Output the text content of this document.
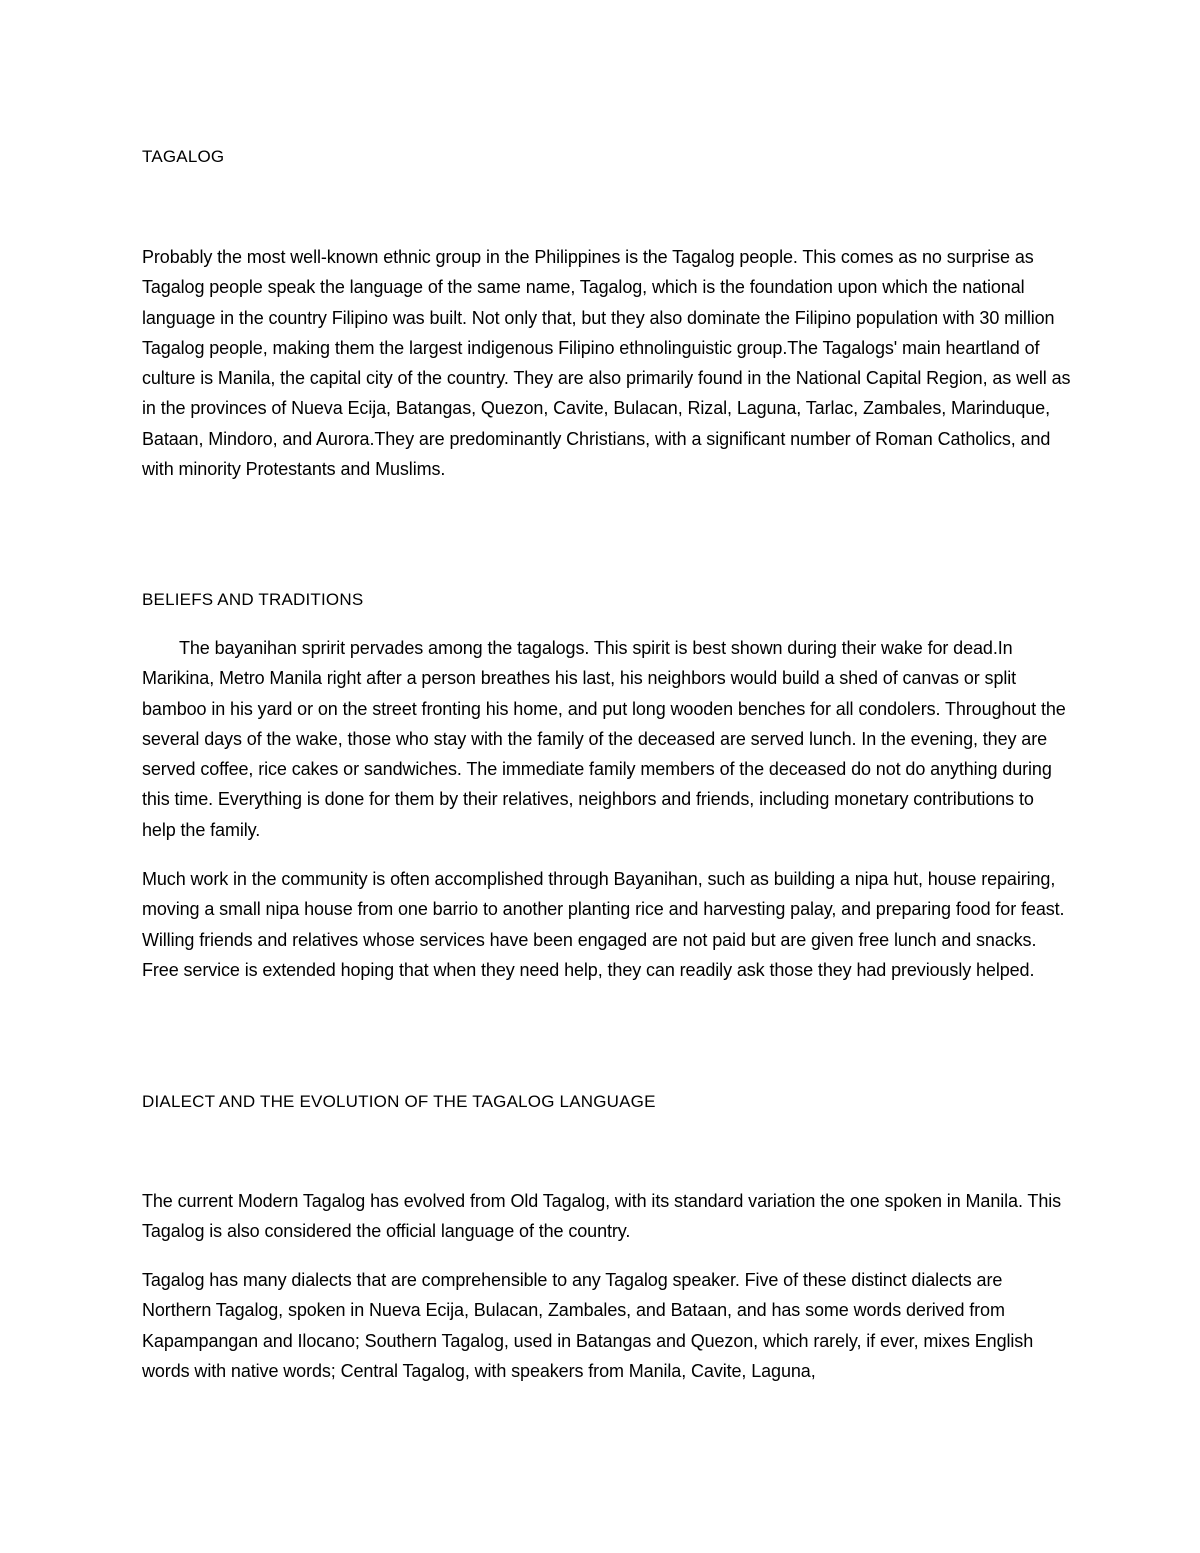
TAGALOG

Probably the most well-known ethnic group in the Philippines is the Tagalog people. This comes as no surprise as Tagalog people speak the language of the same name, Tagalog, which is the foundation upon which the national language in the country Filipino was built. Not only that, but they also dominate the Filipino population with 30 million Tagalog people, making them the largest indigenous Filipino ethnolinguistic group.The Tagalogs' main heartland of culture is Manila, the capital city of the country. They are also primarily found in the National Capital Region, as well as in the provinces of Nueva Ecija, Batangas, Quezon, Cavite, Bulacan, Rizal, Laguna, Tarlac, Zambales, Marinduque, Bataan, Mindoro, and Aurora.They are predominantly Christians, with a significant number of Roman Catholics, and with minority Protestants and Muslims.

BELIEFS AND TRADITIONS

The bayanihan spririt pervades among the tagalogs. This spirit is best shown during their wake for dead.In Marikina, Metro Manila right after a person breathes his last, his neighbors would build a shed of canvas or split bamboo in his yard or on the street fronting his home, and put long wooden benches for all condolers. Throughout the several days of the wake, those who stay with the family of the deceased are served lunch. In the evening, they are served coffee, rice cakes or sandwiches. The immediate family members of the deceased do not do anything during this time. Everything is done for them by their relatives, neighbors and friends, including monetary contributions to help the family.

Much work in the community is often accomplished through Bayanihan, such as building a nipa hut, house repairing, moving a small nipa house from one barrio to another planting rice and harvesting palay, and preparing food for feast. Willing friends and relatives whose services have been engaged are not paid but are given free lunch and snacks. Free service is extended hoping that when they need help, they can readily ask those they had previously helped.

DIALECT AND THE EVOLUTION OF THE TAGALOG LANGUAGE

The current Modern Tagalog has evolved from Old Tagalog, with its standard variation the one spoken in Manila. This Tagalog is also considered the official language of the country.

Tagalog has many dialects that are comprehensible to any Tagalog speaker. Five of these distinct dialects are Northern Tagalog, spoken in Nueva Ecija, Bulacan, Zambales, and Bataan, and has some words derived from Kapampangan and Ilocano; Southern Tagalog, used in Batangas and Quezon, which rarely, if ever, mixes English words with native words; Central Tagalog, with speakers from Manila, Cavite, Laguna,
